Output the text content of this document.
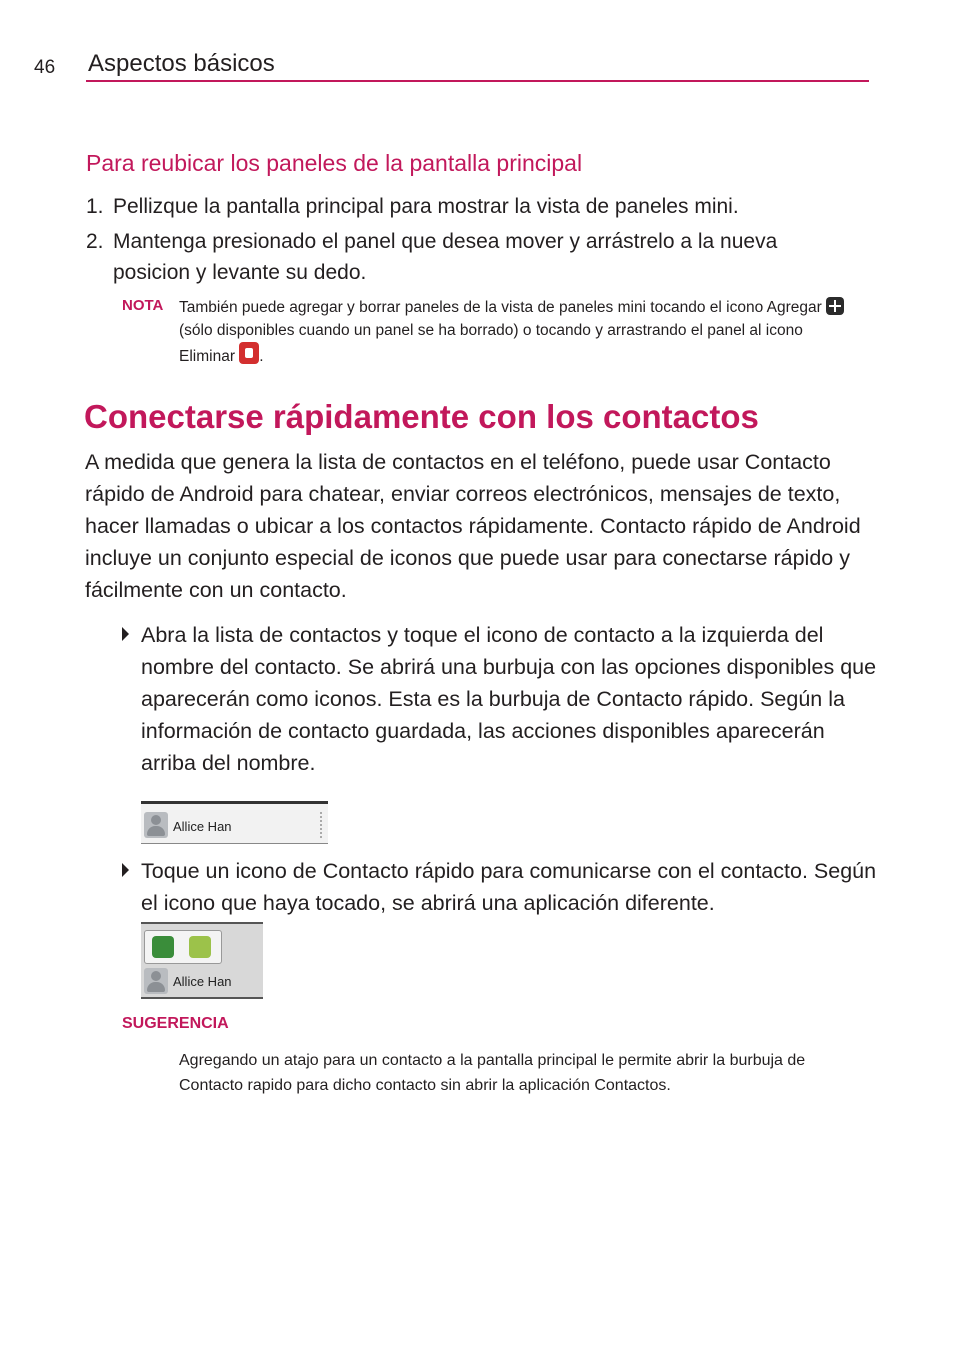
46 Aspectos básicos
Para reubicar los paneles de la pantalla principal
1. Pellizque la pantalla principal para mostrar la vista de paneles mini.
2. Mantenga presionado el panel que desea mover y arrástrelo a la nueva posicion y levante su dedo.
NOTA También puede agregar y borrar paneles de la vista de paneles mini tocando el icono Agregar  (sólo disponibles cuando un panel se ha borrado) o tocando y arrastrando el panel al icono Eliminar .
Conectarse rápidamente con los contactos
A medida que genera la lista de contactos en el teléfono, puede usar Contacto rápido de Android para chatear, enviar correos electrónicos, mensajes de texto, hacer llamadas o ubicar a los contactos rápidamente. Contacto rápido de Android incluye un conjunto especial de iconos que puede usar para conectarse rápido y fácilmente con un contacto.
Abra la lista de contactos y toque el icono de contacto a la izquierda del nombre del contacto. Se abrirá una burbuja con las opciones disponibles que aparecerán como iconos. Esta es la burbuja de Contacto rápido. Según la información de contacto guardada, las acciones disponibles aparecerán arriba del nombre.
Allice Han
Toque un icono de Contacto rápido para comunicarse con el contacto. Según el icono que haya tocado, se abrirá una aplicación diferente.
Allice Han
SUGERENCIA
Agregando un atajo para un contacto a la pantalla principal le permite abrir la burbuja de Contacto rapido para dicho contacto sin abrir la aplicación Contactos.
